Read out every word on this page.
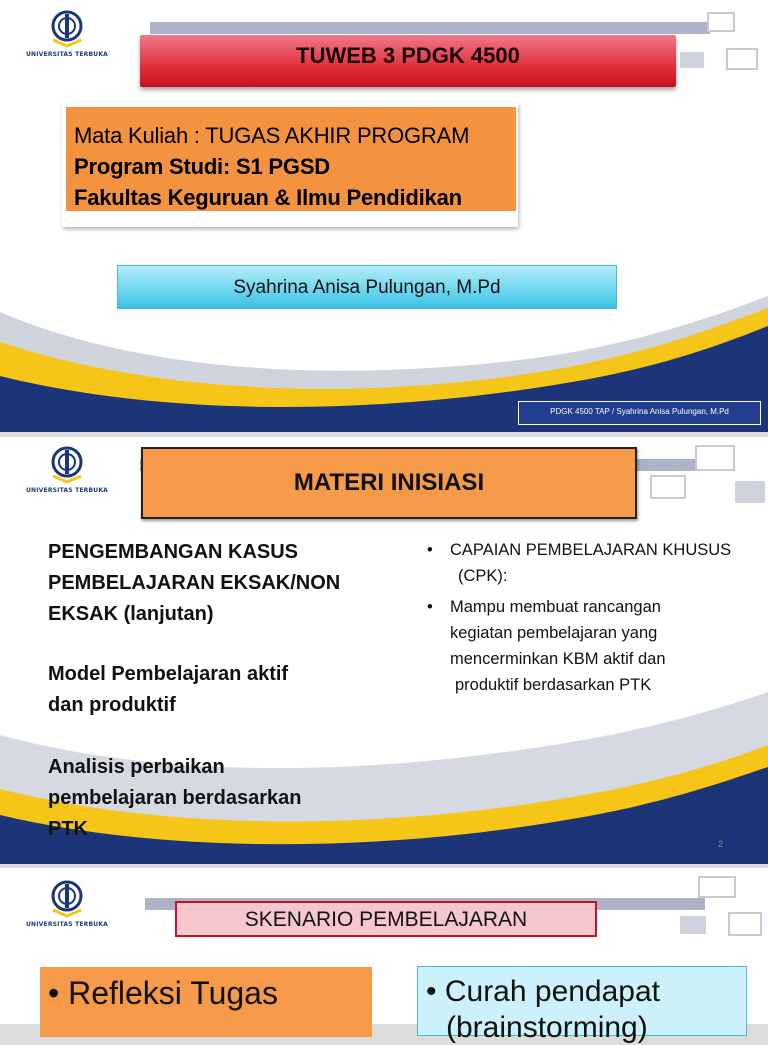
UNIVERSITAS TERBUKA	TUWEB 3 PDGK 4500
Mata Kuliah : TUGAS AKHIR PROGRAM
Program Studi: S1 PGSD
Fakultas Keguruan & Ilmu Pendidikan
Syahrina Anisa Pulungan, M.Pd
PDGK 4500 TAP / Syahrina Anisa Pulungan, M.Pd
UNIVERSITAS TERBUKA	MATERI INISIASI
PENGEMBANGAN KASUS
PEMBELAJARAN EKSAK/NON
EKSAK (lanjutan)
Model Pembelajaran aktif
dan produktif
Analisis perbaikan
pembelajaran berdasarkan
PTK
• CAPAIAN PEMBELAJARAN KHUSUS
(CPK):
• Mampu membuat rancangan
kegiatan pembelajaran yang
mencerminkan KBM aktif dan
produktif berdasarkan PTK
2
UNIVERSITAS TERBUKA	SKENARIO PEMBELAJARAN
• Refleksi Tugas	• Curah pendapat
(brainstorming)
